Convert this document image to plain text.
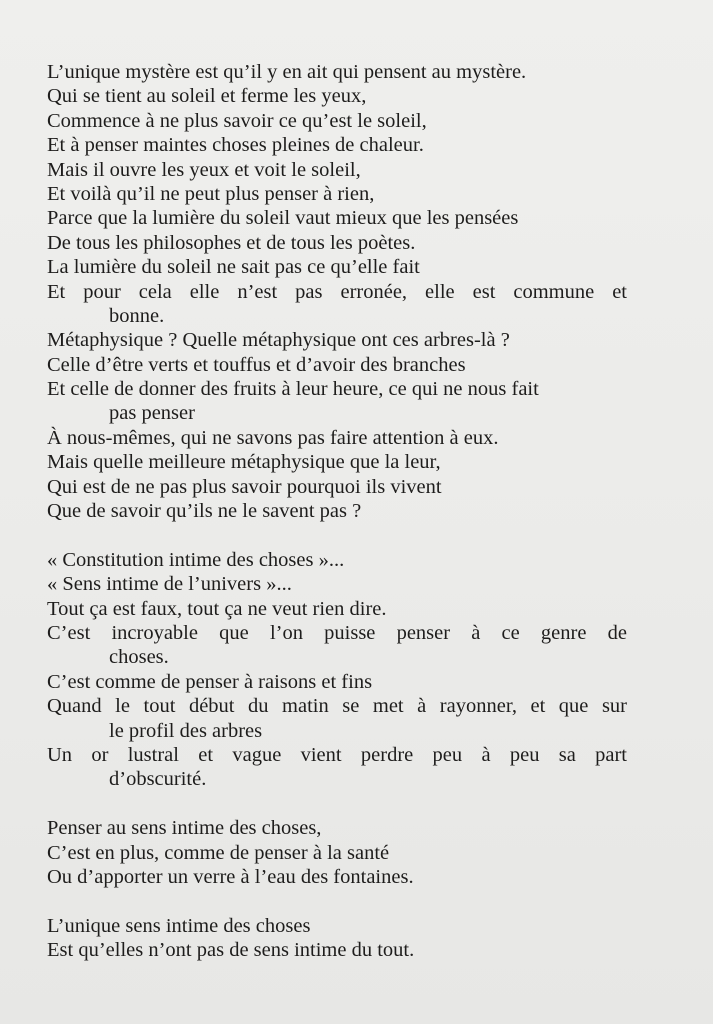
L’unique mystère est qu’il y en ait qui pensent au mystère.
Qui se tient au soleil et ferme les yeux,
Commence à ne plus savoir ce qu’est le soleil,
Et à penser maintes choses pleines de chaleur.
Mais il ouvre les yeux et voit le soleil,
Et voilà qu’il ne peut plus penser à rien,
Parce que la lumière du soleil vaut mieux que les pensées
De tous les philosophes et de tous les poètes.
La lumière du soleil ne sait pas ce qu’elle fait
Et pour cela elle n’est pas erronée, elle est commune et
bonne.
Métaphysique ? Quelle métaphysique ont ces arbres-là ?
Celle d’être verts et touffus et d’avoir des branches
Et celle de donner des fruits à leur heure, ce qui ne nous fait
pas penser
À nous-mêmes, qui ne savons pas faire attention à eux.
Mais quelle meilleure métaphysique que la leur,
Qui est de ne pas plus savoir pourquoi ils vivent
Que de savoir qu’ils ne le savent pas ?
« Constitution intime des choses »...
« Sens intime de l’univers »...
Tout ça est faux, tout ça ne veut rien dire.
C’est incroyable que l’on puisse penser à ce genre de
choses.
C’est comme de penser à raisons et fins
Quand le tout début du matin se met à rayonner, et que sur
le profil des arbres
Un or lustral et vague vient perdre peu à peu sa part
d’obscurité.
Penser au sens intime des choses,
C’est en plus, comme de penser à la santé
Ou d’apporter un verre à l’eau des fontaines.
L’unique sens intime des choses
Est qu’elles n’ont pas de sens intime du tout.
